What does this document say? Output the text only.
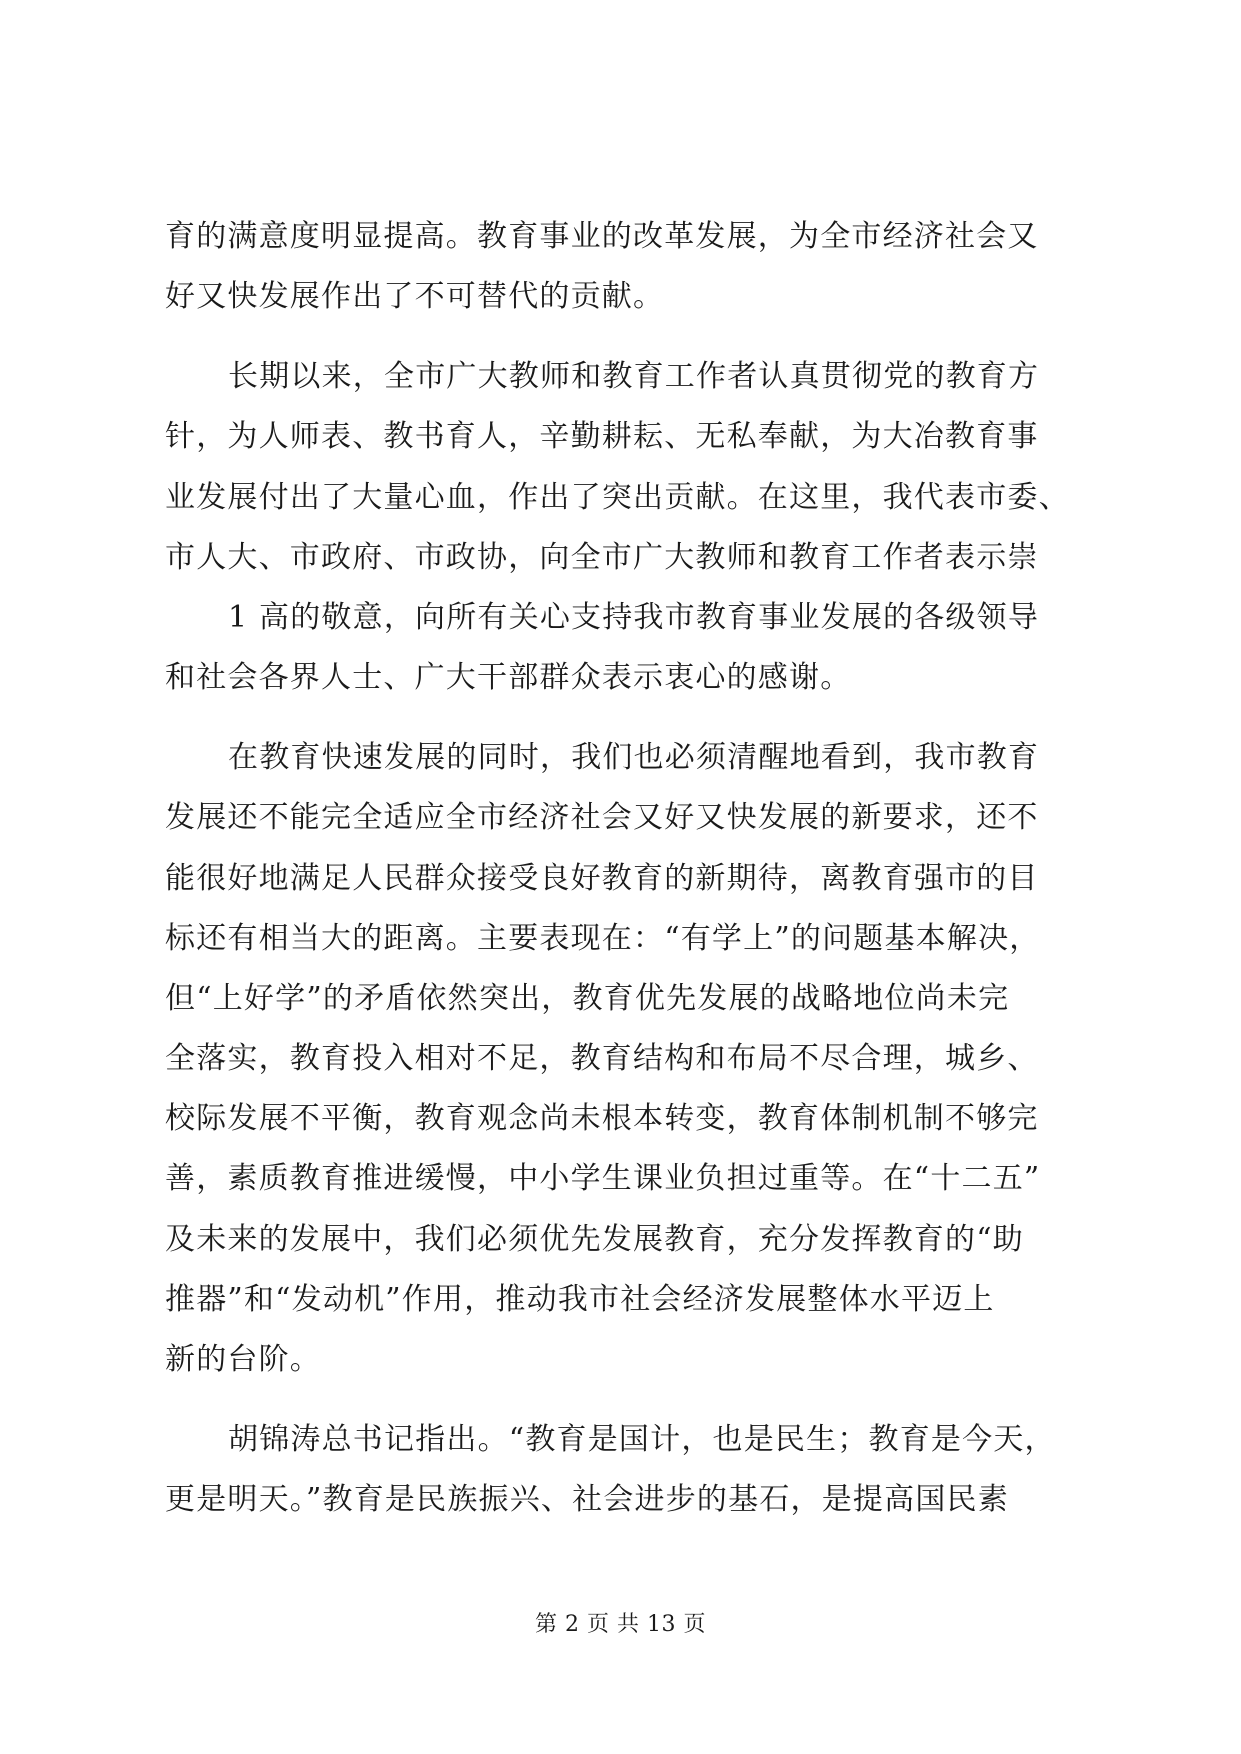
育的满意度明显提高。教育事业的改革发展，为全市经济社会又
好又快发展作出了不可替代的贡献。
长期以来，全市广大教师和教育工作者认真贯彻党的教育方
针，为人师表、教书育人，辛勤耕耘、无私奉献，为大冶教育事
业发展付出了大量心血，作出了突出贡献。在这里，我代表市委、
市人大、市政府、市政协，向全市广大教师和教育工作者表示崇
1 高的敬意，向所有关心支持我市教育事业发展的各级领导
和社会各界人士、广大干部群众表示衷心的感谢。
在教育快速发展的同时，我们也必须清醒地看到，我市教育
发展还不能完全适应全市经济社会又好又快发展的新要求，还不
能很好地满足人民群众接受良好教育的新期待，离教育强市的目
标还有相当大的距离。主要表现在：“有学上”的问题基本解决，
但“上好学”的矛盾依然突出，教育优先发展的战略地位尚未完
全落实，教育投入相对不足，教育结构和布局不尽合理，城乡、
校际发展不平衡，教育观念尚未根本转变，教育体制机制不够完
善，素质教育推进缓慢，中小学生课业负担过重等。在“十二五”
及未来的发展中，我们必须优先发展教育，充分发挥教育的“助
推器”和“发动机”作用，推动我市社会经济发展整体水平迈上
新的台阶。
胡锦涛总书记指出。“教育是国计，也是民生；教育是今天，
更是明天。”教育是民族振兴、社会进步的基石，是提高国民素
第 2 页 共 13 页
